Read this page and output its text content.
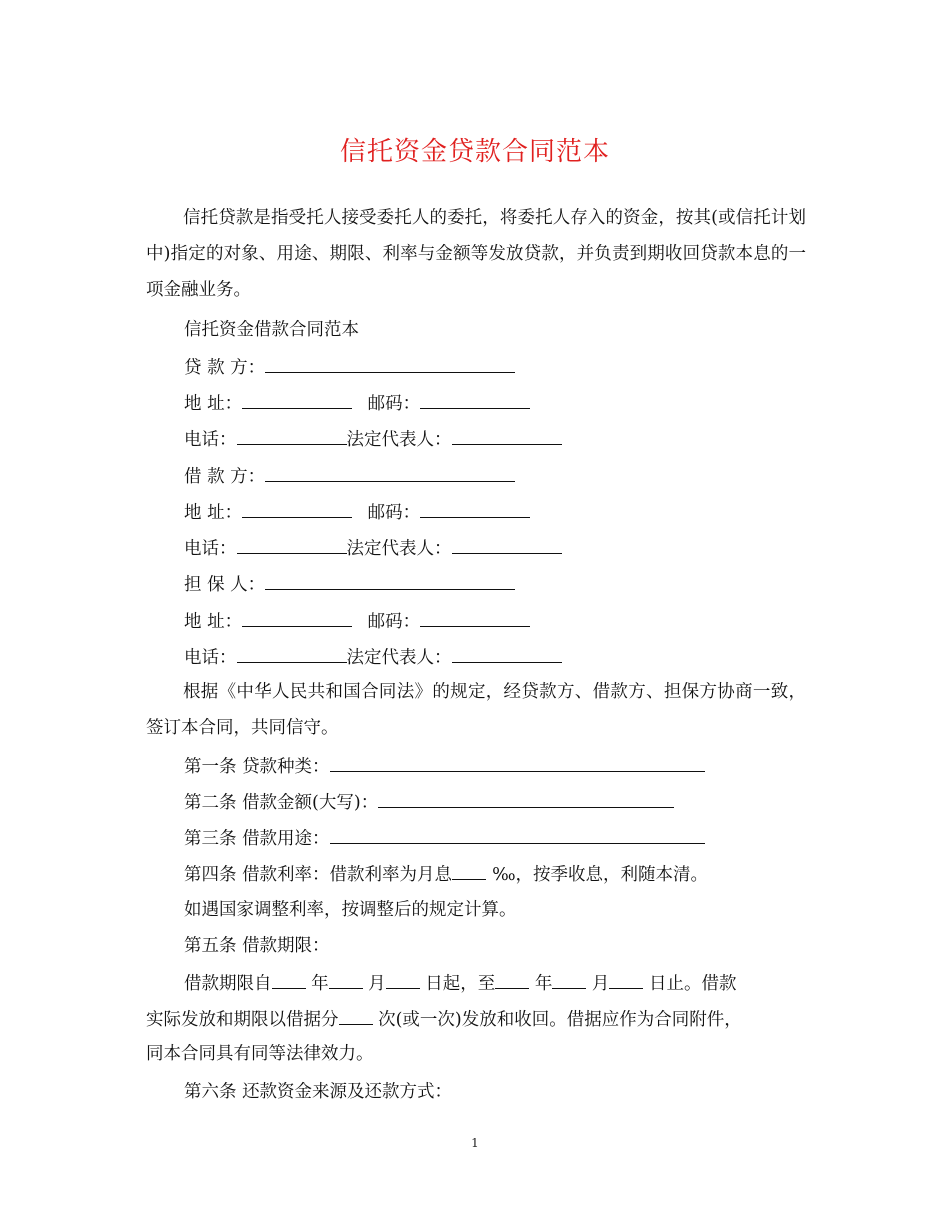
信托资金贷款合同范本

信托贷款是指受托人接受委托人的委托，将委托人存入的资金，按其(或信托计划中)指定的对象、用途、期限、利率与金额等发放贷款，并负责到期收回贷款本息的一项金融业务。

信托资金借款合同范本
贷 款 方：
地 址：	邮码：
电话：	法定代表人：
借 款 方：
地 址：	邮码：
电话：	法定代表人：
担 保 人：
地 址：	邮码：
电话：	法定代表人：

根据《中华人民共和国合同法》的规定，经贷款方、借款方、担保方协商一致，签订本合同，共同信守。

第一条 贷款种类：
第二条 借款金额(大写)：
第三条 借款用途：
第四条 借款利率：借款利率为月息 ‰，按季收息，利随本清。
如遇国家调整利率，按调整后的规定计算。
第五条 借款期限：
借款期限自 年 月 日起，至 年 月 日止。借款
实际发放和期限以借据分 次(或一次)发放和收回。借据应作为合同附件，
同本合同具有同等法律效力。
第六条 还款资金来源及还款方式：
1
